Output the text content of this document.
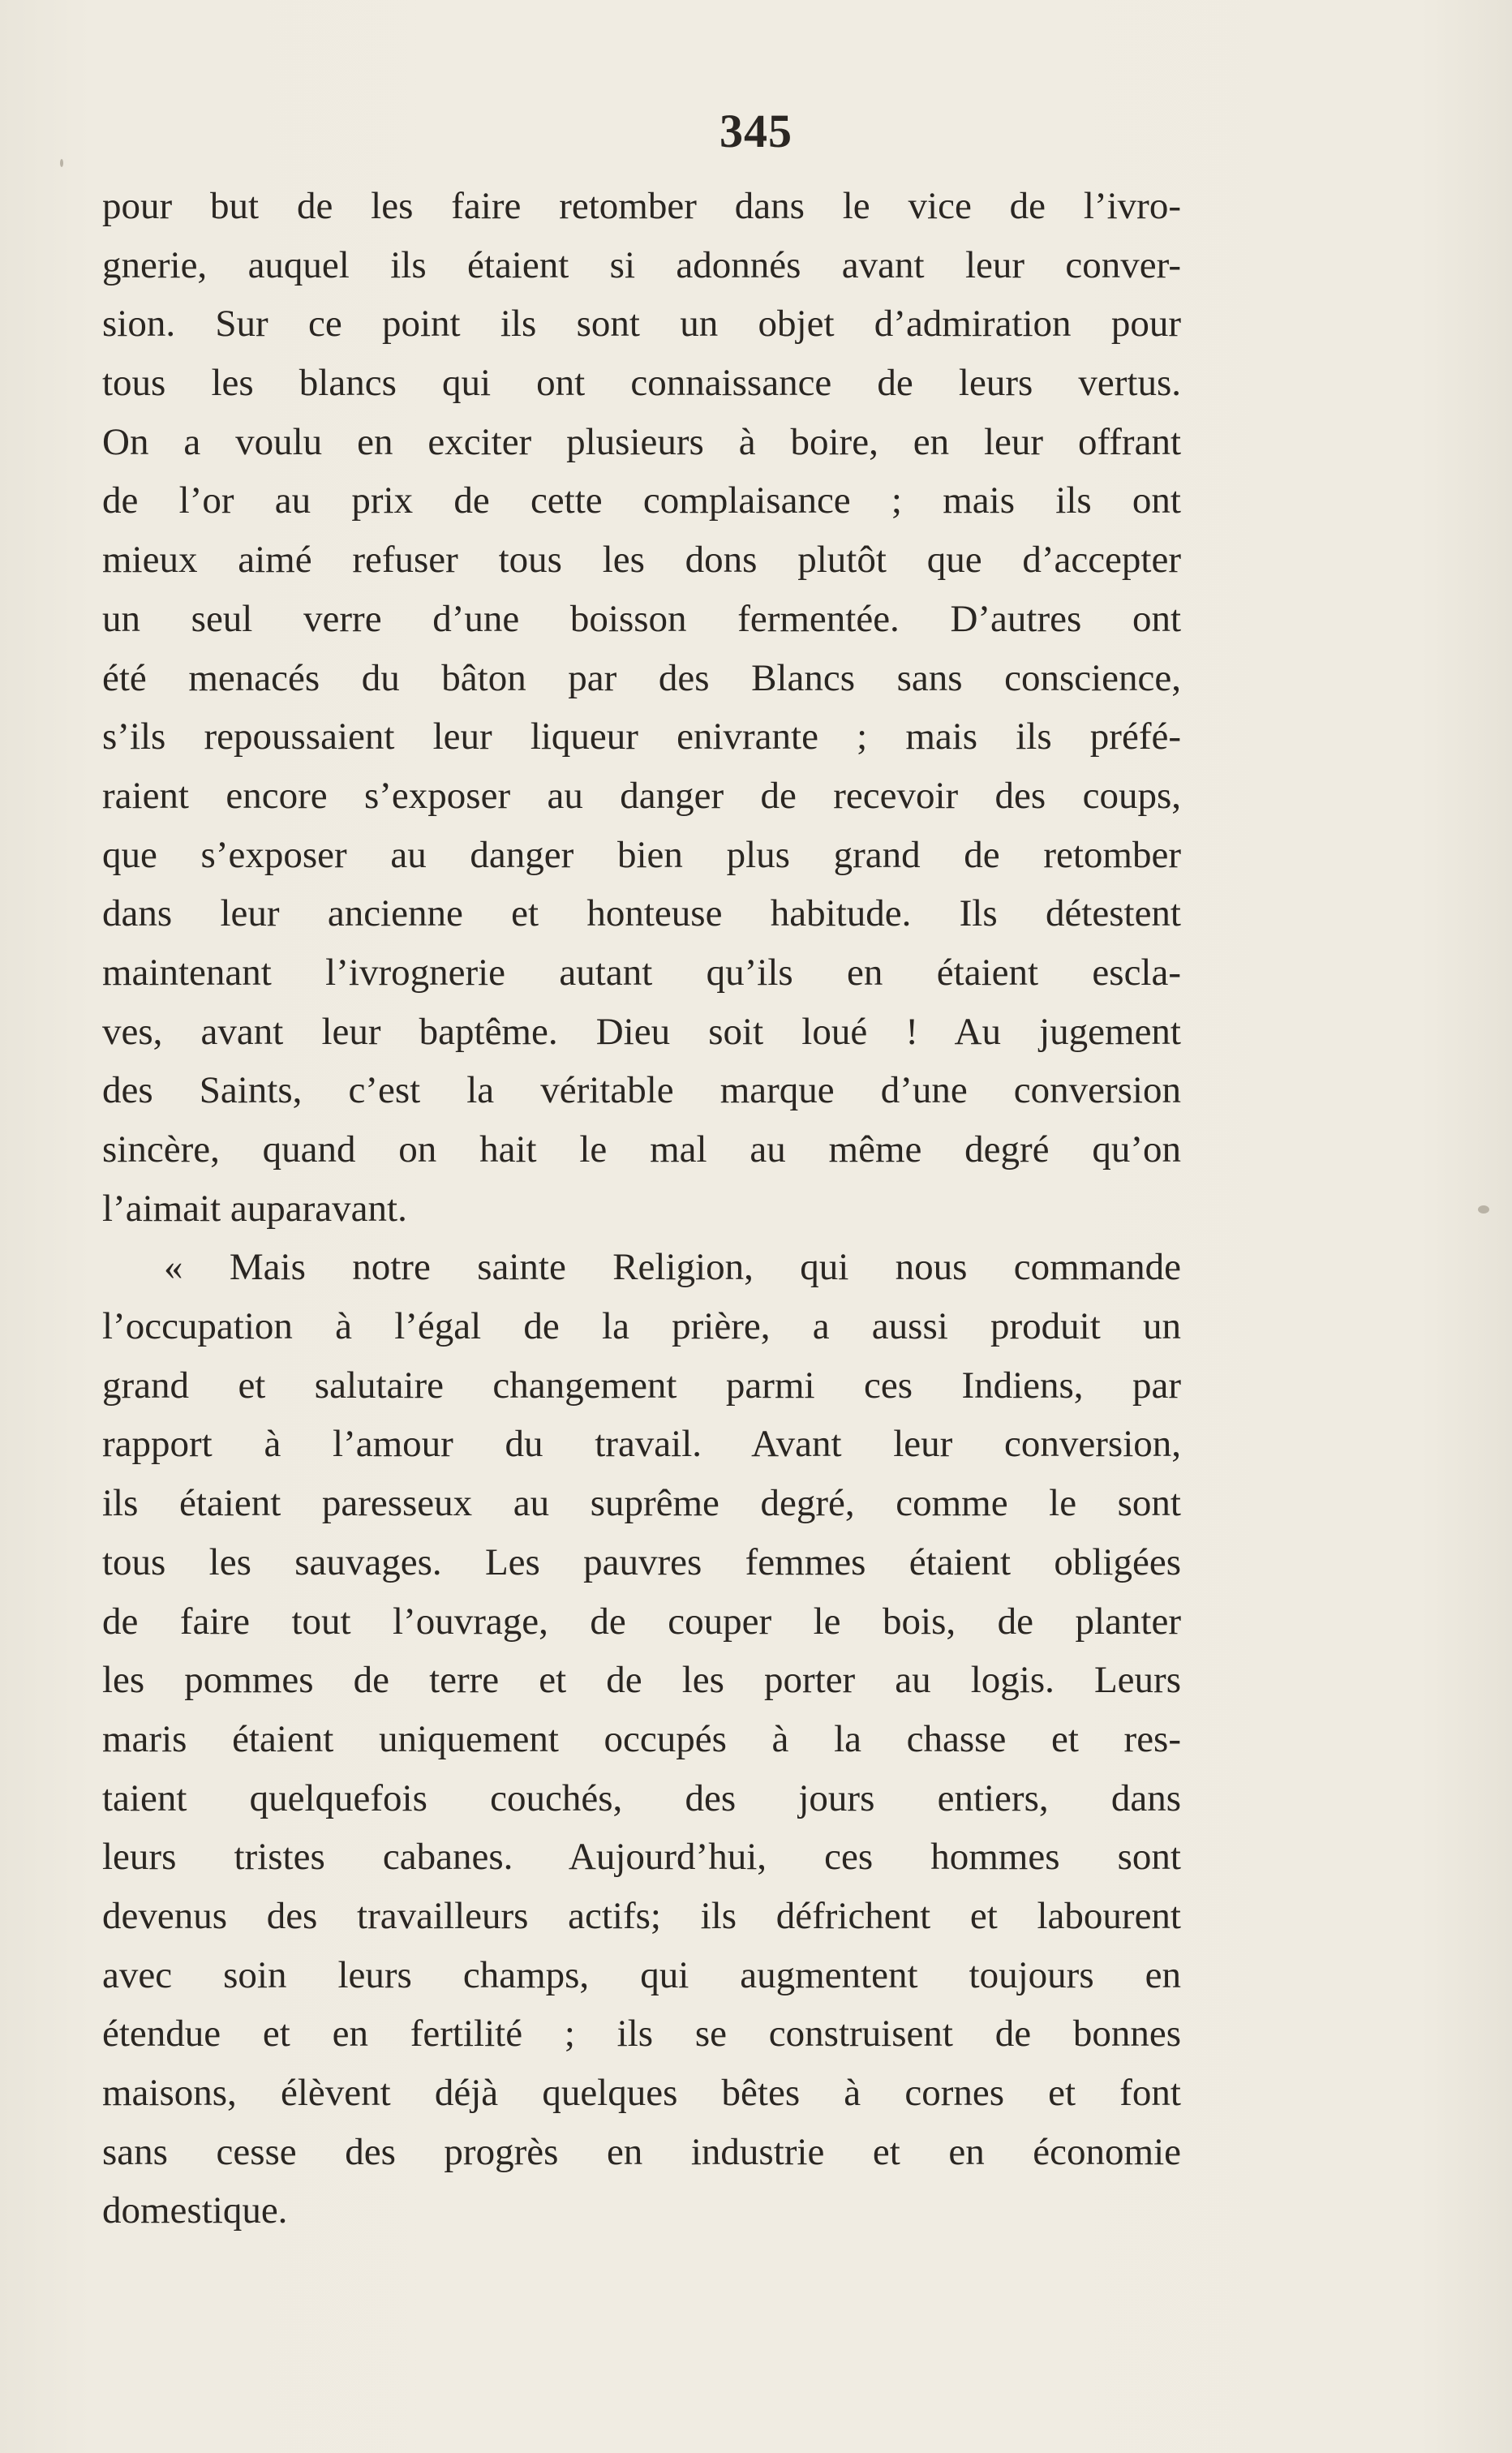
345
pour but de les faire retomber dans le vice de l’ivro-
gnerie, auquel ils étaient si adonnés avant leur conver-
sion. Sur ce point ils sont un objet d’admiration pour
tous les blancs qui ont connaissance de leurs vertus.
On a voulu en exciter plusieurs à boire, en leur offrant
de l’or au prix de cette complaisance ; mais ils ont
mieux aimé refuser tous les dons plutôt que d’accepter
un seul verre d’une boisson fermentée. D’autres ont
été menacés du bâton par des Blancs sans conscience,
s’ils repoussaient leur liqueur enivrante ; mais ils préfé-
raient encore s’exposer au danger de recevoir des coups,
que s’exposer au danger bien plus grand de retomber
dans leur ancienne et honteuse habitude. Ils détestent
maintenant l’ivrognerie autant qu’ils en étaient escla-
ves, avant leur baptême. Dieu soit loué ! Au jugement
des Saints, c’est la véritable marque d’une conversion
sincère, quand on hait le mal au même degré qu’on
l’aimait auparavant.
« Mais notre sainte Religion, qui nous commande
l’occupation à l’égal de la prière, a aussi produit un
grand et salutaire changement parmi ces Indiens, par
rapport à l’amour du travail. Avant leur conversion,
ils étaient paresseux au suprême degré, comme le sont
tous les sauvages. Les pauvres femmes étaient obligées
de faire tout l’ouvrage, de couper le bois, de planter
les pommes de terre et de les porter au logis. Leurs
maris étaient uniquement occupés à la chasse et res-
taient quelquefois couchés, des jours entiers, dans
leurs tristes cabanes. Aujourd’hui, ces hommes sont
devenus des travailleurs actifs; ils défrichent et labourent
avec soin leurs champs, qui augmentent toujours en
étendue et en fertilité ; ils se construisent de bonnes
maisons, élèvent déjà quelques bêtes à cornes et font
sans cesse des progrès en industrie et en économie
domestique.
